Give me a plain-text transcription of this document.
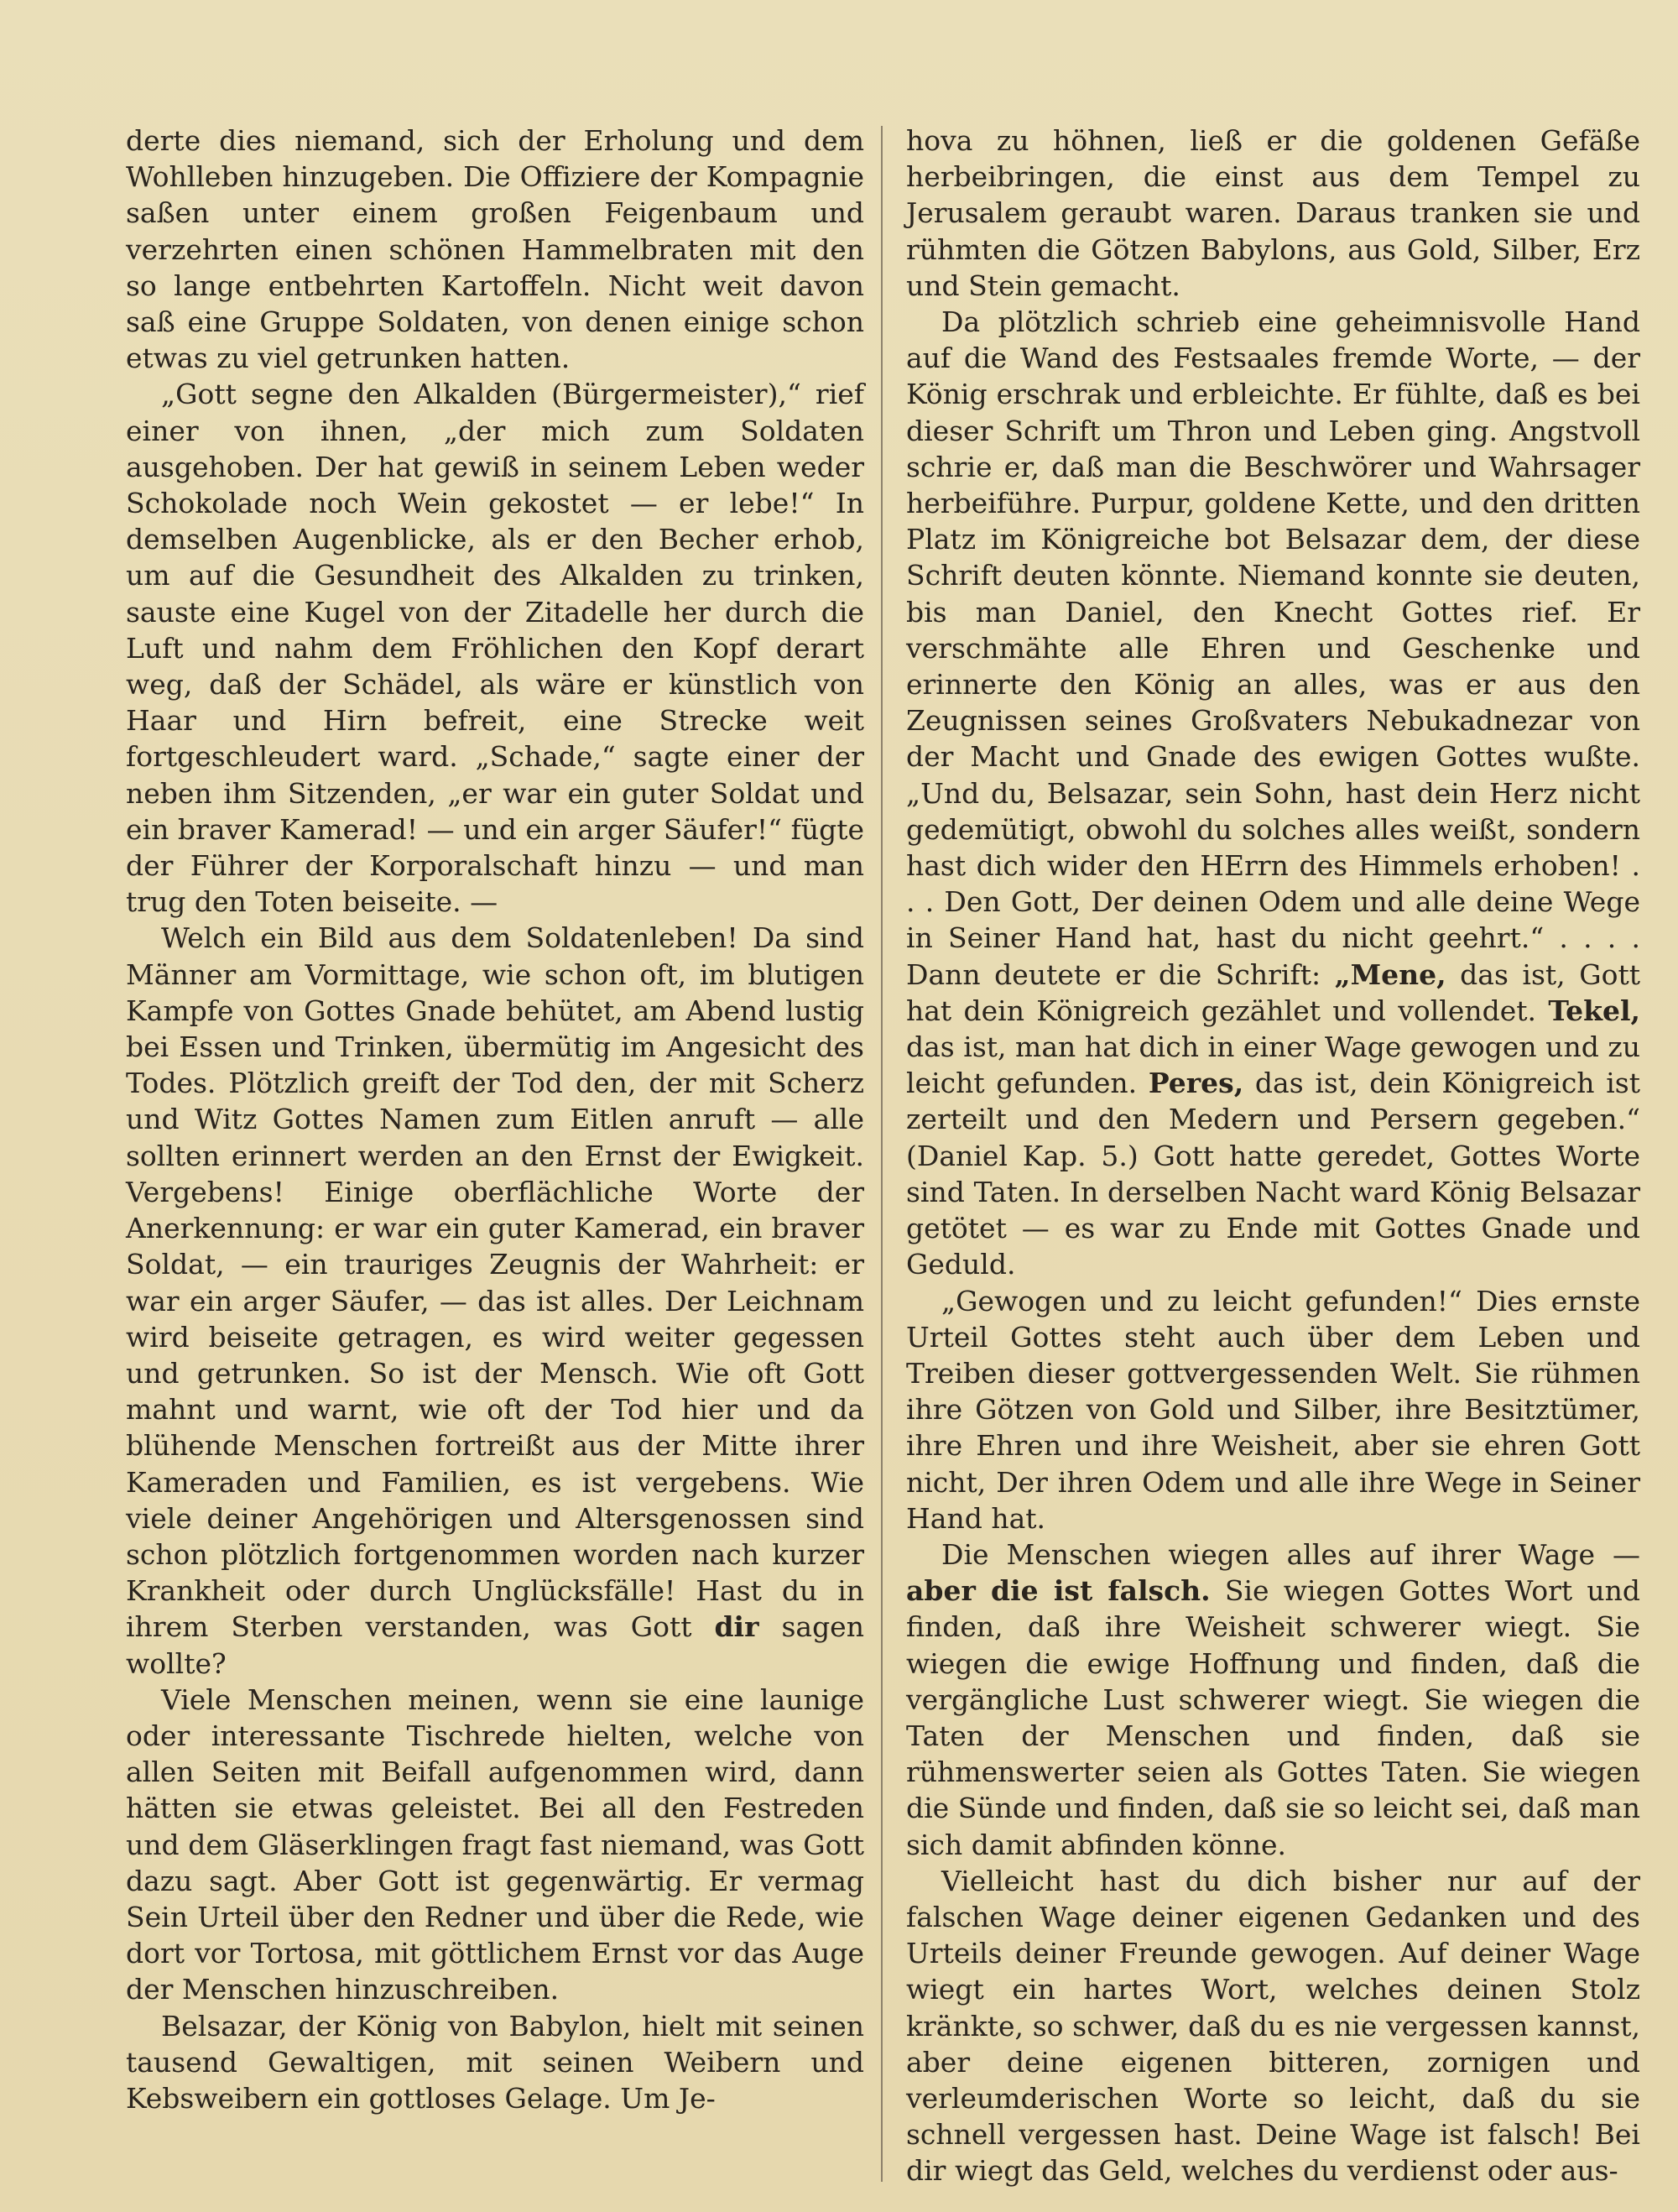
derte dies niemand, sich der Erholung und dem Wohlleben hinzugeben. Die Offiziere der Kompagnie saßen unter einem großen Feigenbaum und verzehrten einen schönen Hammelbraten mit den so lange entbehrten Kartoffeln. Nicht weit davon saß eine Gruppe Soldaten, von denen einige schon etwas zu viel getrunken hatten.

„Gott segne den Alkalden (Bürgermeister),“ rief einer von ihnen, „der mich zum Soldaten ausgehoben. Der hat gewiß in seinem Leben weder Schokolade noch Wein gekostet — er lebe!“ In demselben Augenblicke, als er den Becher erhob, um auf die Gesundheit des Alkalden zu trinken, sauste eine Kugel von der Zitadelle her durch die Luft und nahm dem Fröhlichen den Kopf derart weg, daß der Schädel, als wäre er künstlich von Haar und Hirn befreit, eine Strecke weit fortgeschleudert ward. „Schade,“ sagte einer der neben ihm Sitzenden, „er war ein guter Soldat und ein braver Kamerad! — und ein arger Säufer!“ fügte der Führer der Korporalschaft hinzu — und man trug den Toten beiseite. —

Welch ein Bild aus dem Soldatenleben! Da sind Männer am Vormittage, wie schon oft, im blutigen Kampfe von Gottes Gnade behütet, am Abend lustig bei Essen und Trinken, übermütig im Angesicht des Todes. Plötzlich greift der Tod den, der mit Scherz und Witz Gottes Namen zum Eitlen anruft — alle sollten erinnert werden an den Ernst der Ewigkeit. Vergebens! Einige oberflächliche Worte der Anerkennung: er war ein guter Kamerad, ein braver Soldat, — ein trauriges Zeugnis der Wahrheit: er war ein arger Säufer, — das ist alles. Der Leichnam wird beiseite getragen, es wird weiter gegessen und getrunken. So ist der Mensch. Wie oft Gott mahnt und warnt, wie oft der Tod hier und da blühende Menschen fortreißt aus der Mitte ihrer Kameraden und Familien, es ist vergebens. Wie viele deiner Angehörigen und Altersgenossen sind schon plötzlich fortgenommen worden nach kurzer Krankheit oder durch Unglücksfälle! Hast du in ihrem Sterben verstanden, was Gott dir sagen wollte?

Viele Menschen meinen, wenn sie eine launige oder interessante Tischrede hielten, welche von allen Seiten mit Beifall aufgenommen wird, dann hätten sie etwas geleistet. Bei all den Festreden und dem Gläserklingen fragt fast niemand, was Gott dazu sagt. Aber Gott ist gegenwärtig. Er vermag Sein Urteil über den Redner und über die Rede, wie dort vor Tortosa, mit göttlichem Ernst vor das Auge der Menschen hinzuschreiben.

Belsazar, der König von Babylon, hielt mit seinen tausend Gewaltigen, mit seinen Weibern und Kebsweibern ein gottloses Gelage. Um Je-

hova zu höhnen, ließ er die goldenen Gefäße herbeibringen, die einst aus dem Tempel zu Jerusalem geraubt waren. Daraus tranken sie und rühmten die Götzen Babylons, aus Gold, Silber, Erz und Stein gemacht.

Da plötzlich schrieb eine geheimnisvolle Hand auf die Wand des Festsaales fremde Worte, — der König erschrak und erbleichte. Er fühlte, daß es bei dieser Schrift um Thron und Leben ging. Angstvoll schrie er, daß man die Beschwörer und Wahrsager herbeiführe. Purpur, goldene Kette, und den dritten Platz im Königreiche bot Belsazar dem, der diese Schrift deuten könnte. Niemand konnte sie deuten, bis man Daniel, den Knecht Gottes rief. Er verschmähte alle Ehren und Geschenke und erinnerte den König an alles, was er aus den Zeugnissen seines Großvaters Nebukadnezar von der Macht und Gnade des ewigen Gottes wußte. „Und du, Belsazar, sein Sohn, hast dein Herz nicht gedemütigt, obwohl du solches alles weißt, sondern hast dich wider den HErrn des Himmels erhoben! . . . Den Gott, Der deinen Odem und alle deine Wege in Seiner Hand hat, hast du nicht geehrt.“ . . . . Dann deutete er die Schrift: „Mene, das ist, Gott hat dein Königreich gezählet und vollendet. Tekel, das ist, man hat dich in einer Wage gewogen und zu leicht gefunden. Peres, das ist, dein Königreich ist zerteilt und den Medern und Persern gegeben.“ (Daniel Kap. 5.) Gott hatte geredet, Gottes Worte sind Taten. In derselben Nacht ward König Belsazar getötet — es war zu Ende mit Gottes Gnade und Geduld.

„Gewogen und zu leicht gefunden!“ Dies ernste Urteil Gottes steht auch über dem Leben und Treiben dieser gottvergessenden Welt. Sie rühmen ihre Götzen von Gold und Silber, ihre Besitztümer, ihre Ehren und ihre Weisheit, aber sie ehren Gott nicht, Der ihren Odem und alle ihre Wege in Seiner Hand hat.

Die Menschen wiegen alles auf ihrer Wage — aber die ist falsch. Sie wiegen Gottes Wort und finden, daß ihre Weisheit schwerer wiegt. Sie wiegen die ewige Hoffnung und finden, daß die vergängliche Lust schwerer wiegt. Sie wiegen die Taten der Menschen und finden, daß sie rühmenswerter seien als Gottes Taten. Sie wiegen die Sünde und finden, daß sie so leicht sei, daß man sich damit abfinden könne.

Vielleicht hast du dich bisher nur auf der falschen Wage deiner eigenen Gedanken und des Urteils deiner Freunde gewogen. Auf deiner Wage wiegt ein hartes Wort, welches deinen Stolz kränkte, so schwer, daß du es nie vergessen kannst, aber deine eigenen bitteren, zornigen und verleumderischen Worte so leicht, daß du sie schnell vergessen hast. Deine Wage ist falsch! Bei dir wiegt das Geld, welches du verdienst oder aus-
